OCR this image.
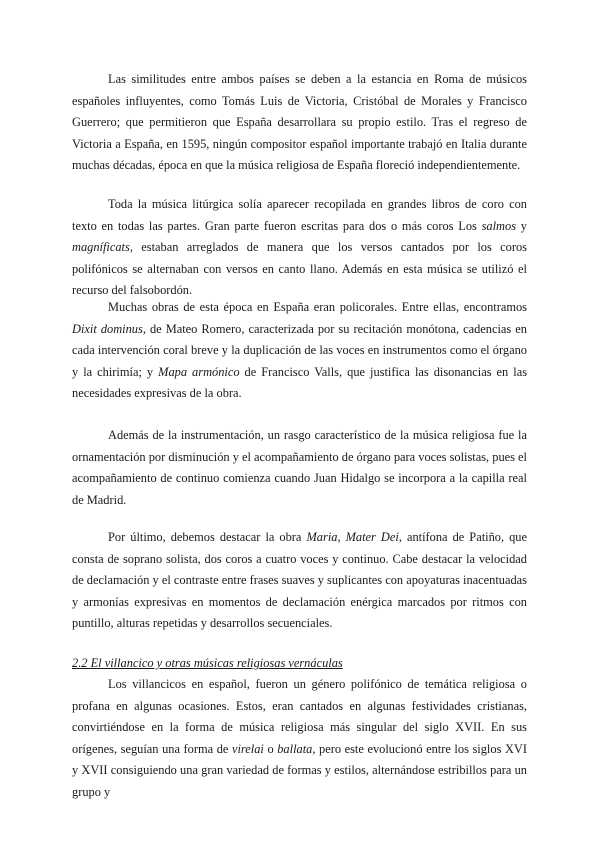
Las similitudes entre ambos países se deben a la estancia en Roma de músicos españoles influyentes, como Tomás Luis de Victoria, Cristóbal de Morales y Francisco Guerrero; que permitieron que España desarrollara su propio estilo. Tras el regreso de Victoria a España, en 1595, ningún compositor español importante trabajó en Italia durante muchas décadas, época en que la música religiosa de España floreció independientemente.

Toda la música litúrgica solía aparecer recopilada en grandes libros de coro con texto en todas las partes. Gran parte fueron escritas para dos o más coros Los salmos y magníficats, estaban arreglados de manera que los versos cantados por los coros polifónicos se alternaban con versos en canto llano. Además en esta música se utilizó el recurso del falsobordón.

Muchas obras de esta época en España eran policorales. Entre ellas, encontramos Dixit dominus, de Mateo Romero, caracterizada por su recitación monótona, cadencias en cada intervención coral breve y la duplicación de las voces en instrumentos como el órgano y la chirimía; y Mapa armónico de Francisco Valls, que justifica las disonancias en las necesidades expresivas de la obra.

Además de la instrumentación, un rasgo característico de la música religiosa fue la ornamentación por disminución y el acompañamiento de órgano para voces solistas, pues el acompañamiento de continuo comienza cuando Juan Hidalgo se incorpora a la capilla real de Madrid.

Por último, debemos destacar la obra Maria, Mater Dei, antífona de Patiño, que consta de soprano solista, dos coros a cuatro voces y continuo. Cabe destacar la velocidad de declamación y el contraste entre frases suaves y suplicantes con apoyaturas inacentuadas y armonías expresivas en momentos de declamación enérgica marcados por ritmos con puntillo, alturas repetidas y desarrollos secuenciales.

2.2 El villancico y otras músicas religiosas vernáculas

Los villancicos en español, fueron un género polifónico de temática religiosa o profana en algunas ocasiones. Estos, eran cantados en algunas festividades cristianas, convirtiéndose en la forma de música religiosa más singular del siglo XVII. En sus orígenes, seguían una forma de virelai o ballata, pero este evolucionó entre los siglos XVI y XVII consiguiendo una gran variedad de formas y estilos, alternándose estribillos para un grupo y
